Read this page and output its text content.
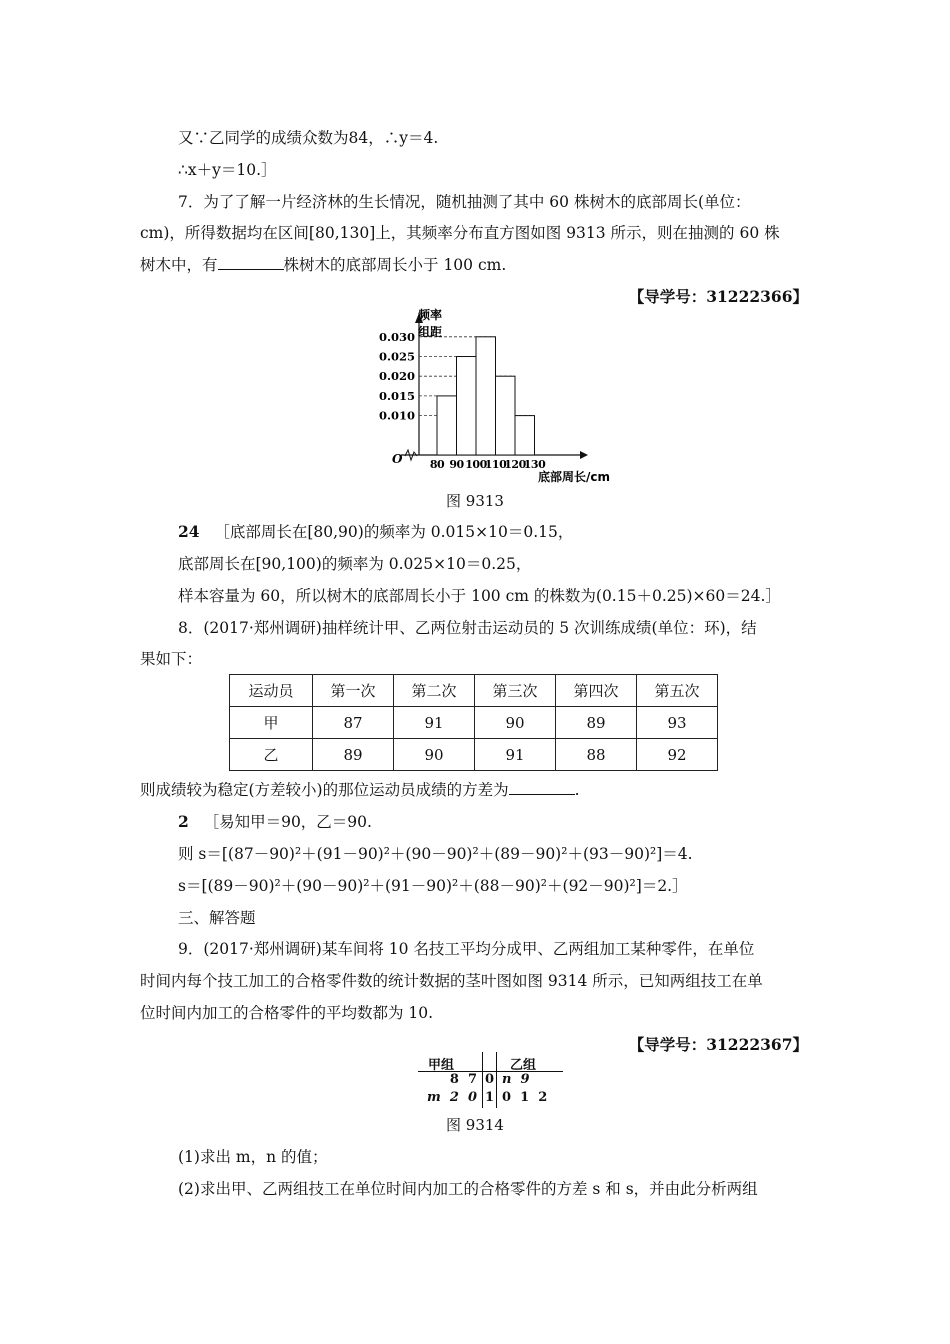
又∵乙同学的成绩众数为84，∴y＝4.
∴x＋y＝10.］
7．为了了解一片经济林的生长情况，随机抽测了其中 60 株树木的底部周长(单位：
cm)，所得数据均在区间[80,130]上，其频率分布直方图如图 9313 所示，则在抽测的 60 株
树木中，有	株树木的底部周长小于 100 cm.
【导学号：31222366】
0.030
0.025
0.020
0.015
0.010
80 90 100
110
120
130
频率
组距
底部周长/cm
O
图 9313
24 ［底部周长在[80,90)的频率为 0.015×10＝0.15，
底部周长在[90,100)的频率为 0.025×10＝0.25，
样本容量为 60，所以树木的底部周长小于 100 cm 的株数为(0.15＋0.25)×60＝24.］
8．(2017·郑州调研)抽样统计甲、乙两位射击运动员的 5 次训练成绩(单位：环)，结
果如下：
运动员	第一次	第二次	第三次	第四次	第五次
甲	87	91	90	89	93
乙	89	90	91	88	92
则成绩较为稳定(方差较小)的那位运动员成绩的方差为	.
2 ［易知甲＝90，乙＝90.
则 s＝[(87－90)²＋(91－90)²＋(90－90)²＋(89－90)²＋(93－90)²]＝4.
s＝[(89－90)²＋(90－90)²＋(91－90)²＋(88－90)²＋(92－90)²]＝2.］
三、解答题
9．(2017·郑州调研)某车间将 10 名技工平均分成甲、乙两组加工某种零件，在单位
时间内每个技工加工的合格零件数的统计数据的茎叶图如图 9314 所示，已知两组技工在单
位时间内加工的合格零件的平均数都为 10.
【导学号：31222367】
甲组	乙组
8  7 0 n  9
m  2  0 1 0  1  2
图 9314
(1)求出 m，n 的值；
(2)求出甲、乙两组技工在单位时间内加工的合格零件的方差 s 和 s，并由此分析两组
